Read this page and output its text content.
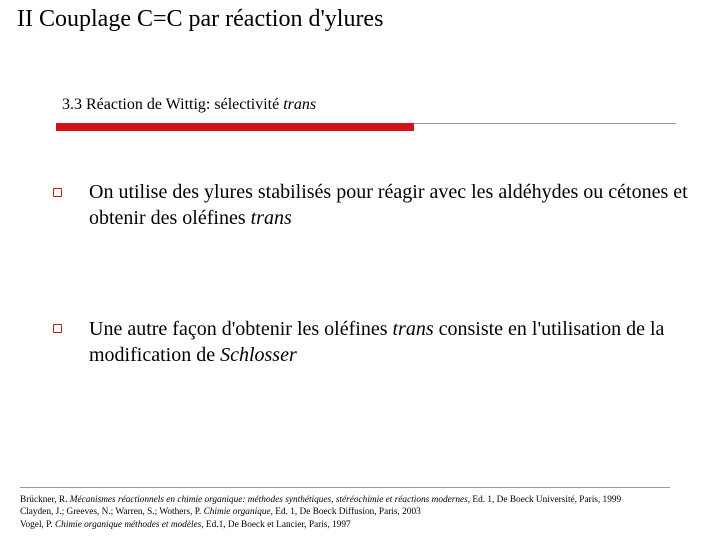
II Couplage C=C par réaction d'ylures
3.3 Réaction de Wittig: sélectivité trans
On utilise des ylures stabilisés pour réagir avec les aldéhydes ou cétones et obtenir des oléfines trans
Une autre façon d'obtenir les oléfines trans consiste en l'utilisation de la modification de Schlosser
Brückner, R. Mécanismes réactionnels en chimie organique: méthodes synthétiques, stéréochimie et réactions modernes, Ed. 1, De Boeck Université, Paris, 1999
Clayden, J.; Greeves, N.; Warren, S.; Wothers, P. Chimie organique, Ed. 1, De Boeck Diffusion, Paris, 2003
Vogel, P. Chimie organique méthodes et modèles, Ed.1, De Boeck et Lancier, Paris, 1997
